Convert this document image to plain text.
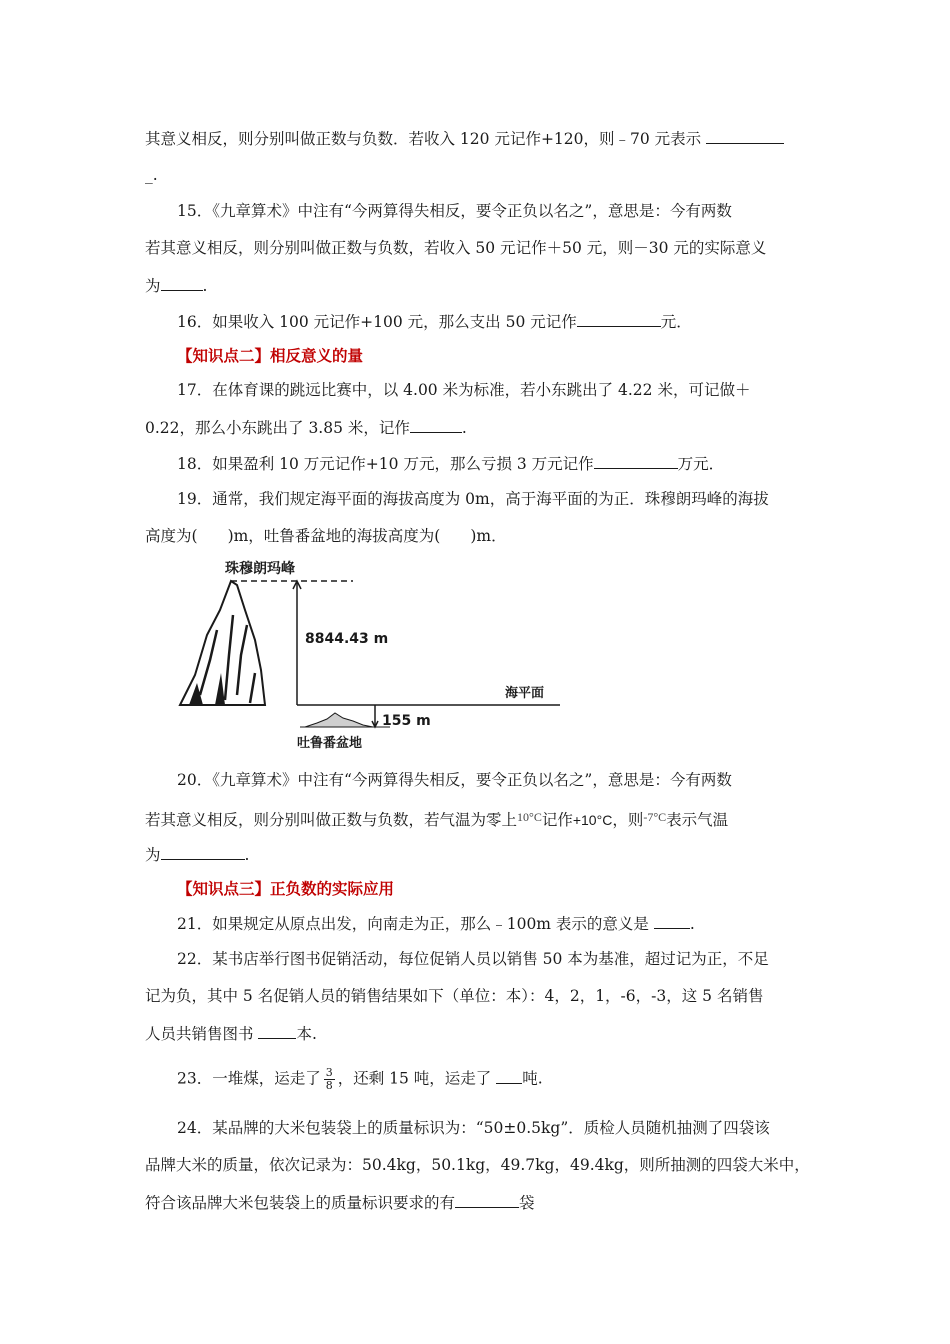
其意义相反，则分别叫做正数与负数．若收入 120 元记作+120，则﹣70 元表示
_.
15．《九章算术》中注有“今两算得失相反，要令正负以名之”，意思是：今有两数
若其意义相反，则分别叫做正数与负数，若收入 50 元记作＋50 元，则－30 元的实际意义
为	.
16．如果收入 100 元记作+100 元，那么支出 50 元记作	元．
【知识点二】相反意义的量
17．在体育课的跳远比赛中，以 4.00 米为标准，若小东跳出了 4.22 米，可记做＋
0.22，那么小东跳出了 3.85 米，记作	.
18．如果盈利 10 万元记作+10 万元，那么亏损 3 万元记作	万元．
19．通常，我们规定海平面的海拔高度为 0m，高于海平面的为正．珠穆朗玛峰的海拔
高度为( )m，吐鲁番盆地的海拔高度为( )m．
珠穆朗玛峰
8844.43 m
海平面
155 m
吐鲁番盆地
20．《九章算术》中注有“今两算得失相反，要令正负以名之”，意思是：今有两数
若其意义相反，则分别叫做正数与负数，若气温为零上$^{10^\circ C}$记作+10°C，则$^{-7^\circ C}$表示气温
为	.
【知识点三】正负数的实际应用
21．如果规定从原点出发，向南走为正，那么﹣100m 表示的意义是 .
22．某书店举行图书促销活动，每位促销人员以销售 50 本为基准，超过记为正，不足
记为负，其中 5 名促销人员的销售结果如下（单位：本）：4，2，1，-6，-3，这 5 名销售
人员共销售图书 本.
23．一堆煤，运走了 $\frac{3}{8}$ ，还剩 15 吨，运走了 吨.
24．某品牌的大米包装袋上的质量标识为：“50±0.5kg”．质检人员随机抽测了四袋该
品牌大米的质量，依次记录为：50.4kg，50.1kg，49.7kg，49.4kg，则所抽测的四袋大米中，
符合该品牌大米包装袋上的质量标识要求的有	袋
